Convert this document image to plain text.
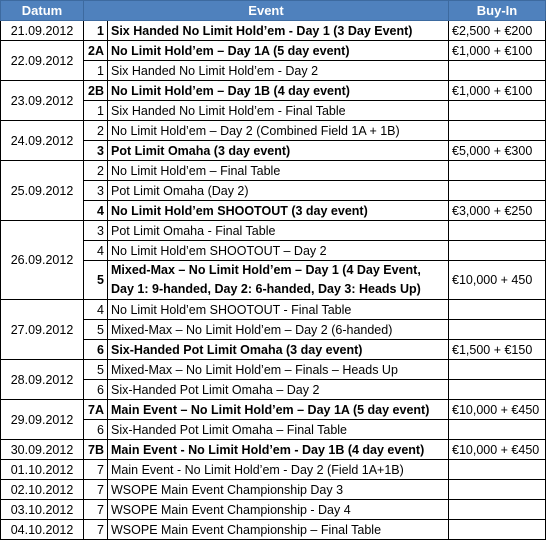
Datum	Event		Buy-In
21.09.2012	1	Six Handed No Limit Hold’em - Day 1 (3 Day Event)	€2,500 + €200
22.09.2012	2A	No Limit Hold’em – Day 1A (5 day event)	€1,000 + €100
	1	Six Handed No Limit Hold’em - Day 2	
23.09.2012	2B	No Limit Hold’em – Day 1B (4 day event)	€1,000 + €100
	1	Six Handed No Limit Hold’em - Final Table	
24.09.2012	2	No Limit Hold’em – Day 2 (Combined Field 1A + 1B)	
	3	Pot Limit Omaha (3 day event)	€5,000 + €300
25.09.2012	2	No Limit Hold’em – Final Table	
	3	Pot Limit Omaha (Day 2)	
	4	No Limit Hold’em SHOOTOUT (3 day event)	€3,000 + €250
26.09.2012	3	Pot Limit Omaha - Final Table	
	4	No Limit Hold’em SHOOTOUT – Day 2	
	5	Mixed-Max – No Limit Hold’em – Day 1 (4 Day Event, Day 1: 9-handed, Day 2: 6-handed, Day 3: Heads Up)	€10,000 + 450
27.09.2012	4	No Limit Hold’em SHOOTOUT - Final Table	
	5	Mixed-Max – No Limit Hold’em – Day 2 (6-handed)	
	6	Six-Handed Pot Limit Omaha (3 day event)	€1,500 + €150
28.09.2012	5	Mixed-Max – No Limit Hold’em – Finals – Heads Up	
	6	Six-Handed Pot Limit Omaha – Day 2	
29.09.2012	7A	Main Event – No Limit Hold’em – Day 1A (5 day event)	€10,000 + €450
	6	Six-Handed Pot Limit Omaha – Final Table	
30.09.2012	7B	Main Event - No Limit Hold’em - Day 1B (4 day event)	€10,000 + €450
01.10.2012	7	Main Event - No Limit Hold’em - Day 2 (Field 1A+1B)	
02.10.2012	7	WSOPE Main Event Championship Day 3	
03.10.2012	7	WSOPE Main Event Championship - Day 4	
04.10.2012	7	WSOPE Main Event Championship – Final Table	
